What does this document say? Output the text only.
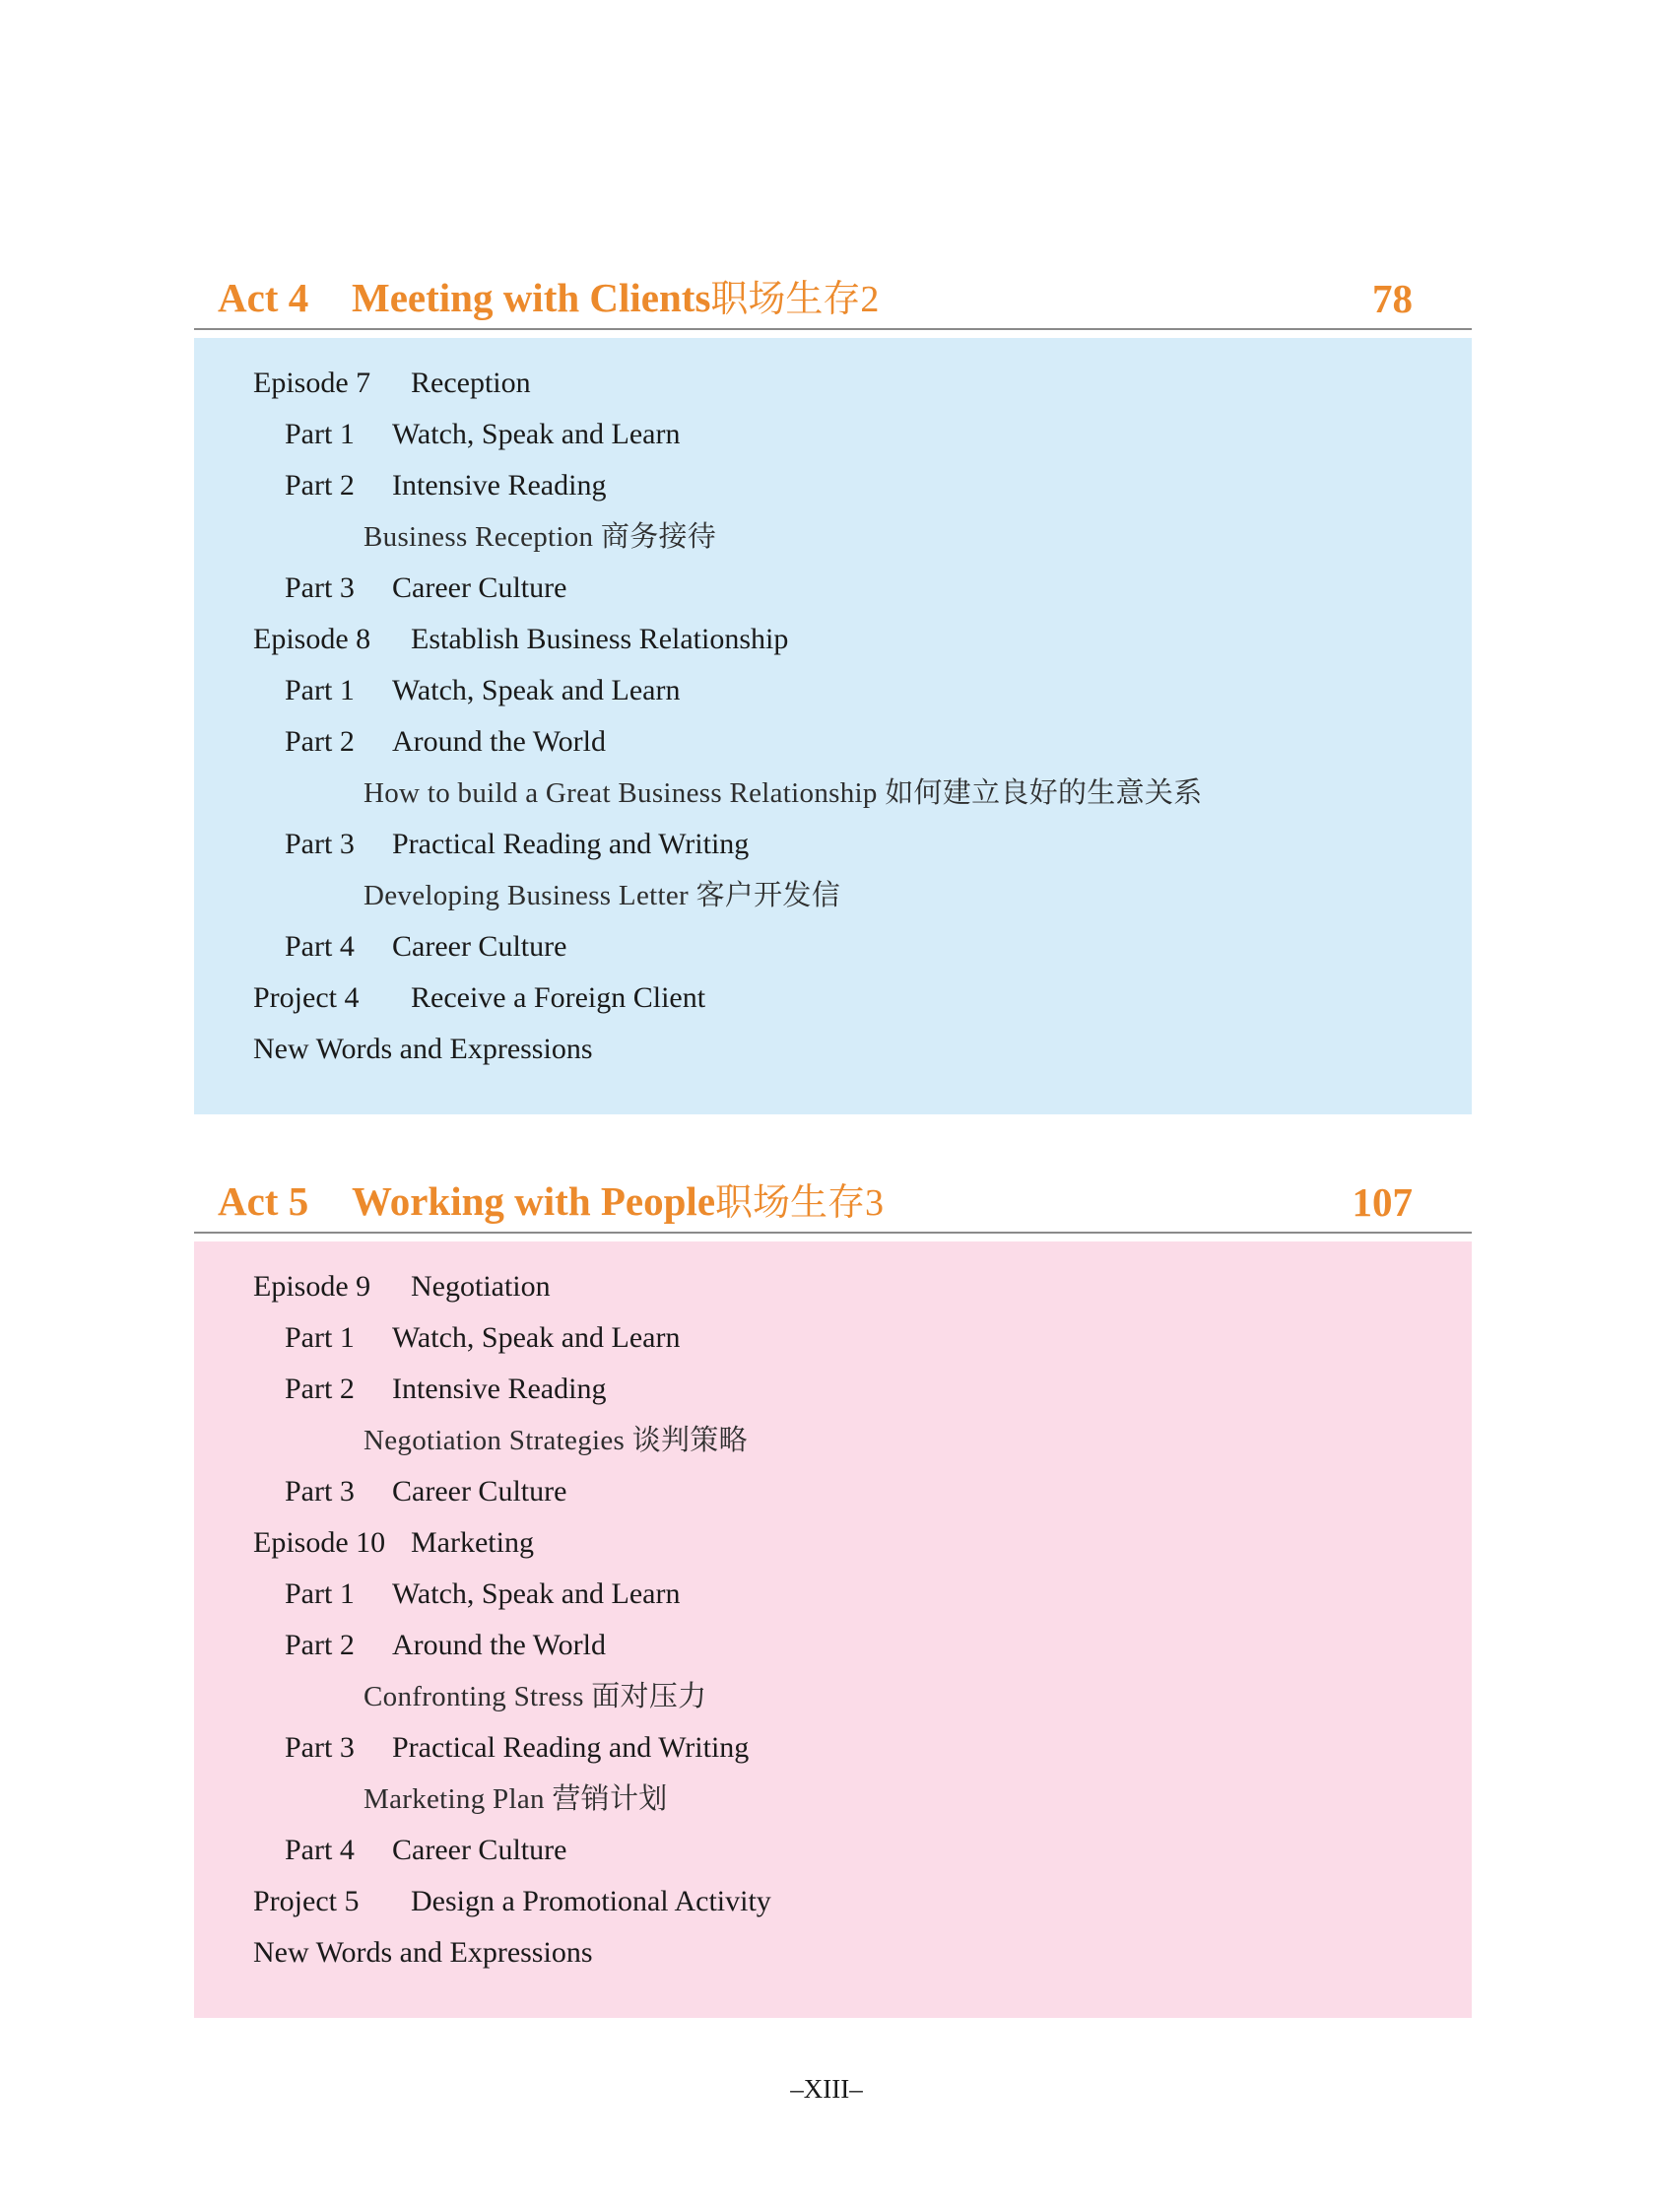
Act 4 Meeting with Clients职场生存2	78
Episode 7 Reception
Part 1 Watch, Speak and Learn
Part 2 Intensive Reading
Business Reception 商务接待
Part 3 Career Culture
Episode 8 Establish Business Relationship
Part 1 Watch, Speak and Learn
Part 2 Around the World
How to build a Great Business Relationship 如何建立良好的生意关系
Part 3 Practical Reading and Writing
Developing Business Letter 客户开发信
Part 4 Career Culture
Project 4 Receive a Foreign Client
New Words and Expressions
Act 5 Working with People职场生存3	107
Episode 9 Negotiation
Part 1 Watch, Speak and Learn
Part 2 Intensive Reading
Negotiation Strategies 谈判策略
Part 3 Career Culture
Episode 10 Marketing
Part 1 Watch, Speak and Learn
Part 2 Around the World
Confronting Stress 面对压力
Part 3 Practical Reading and Writing
Marketing Plan 营销计划
Part 4 Career Culture
Project 5 Design a Promotional Activity
New Words and Expressions
–XIII–
